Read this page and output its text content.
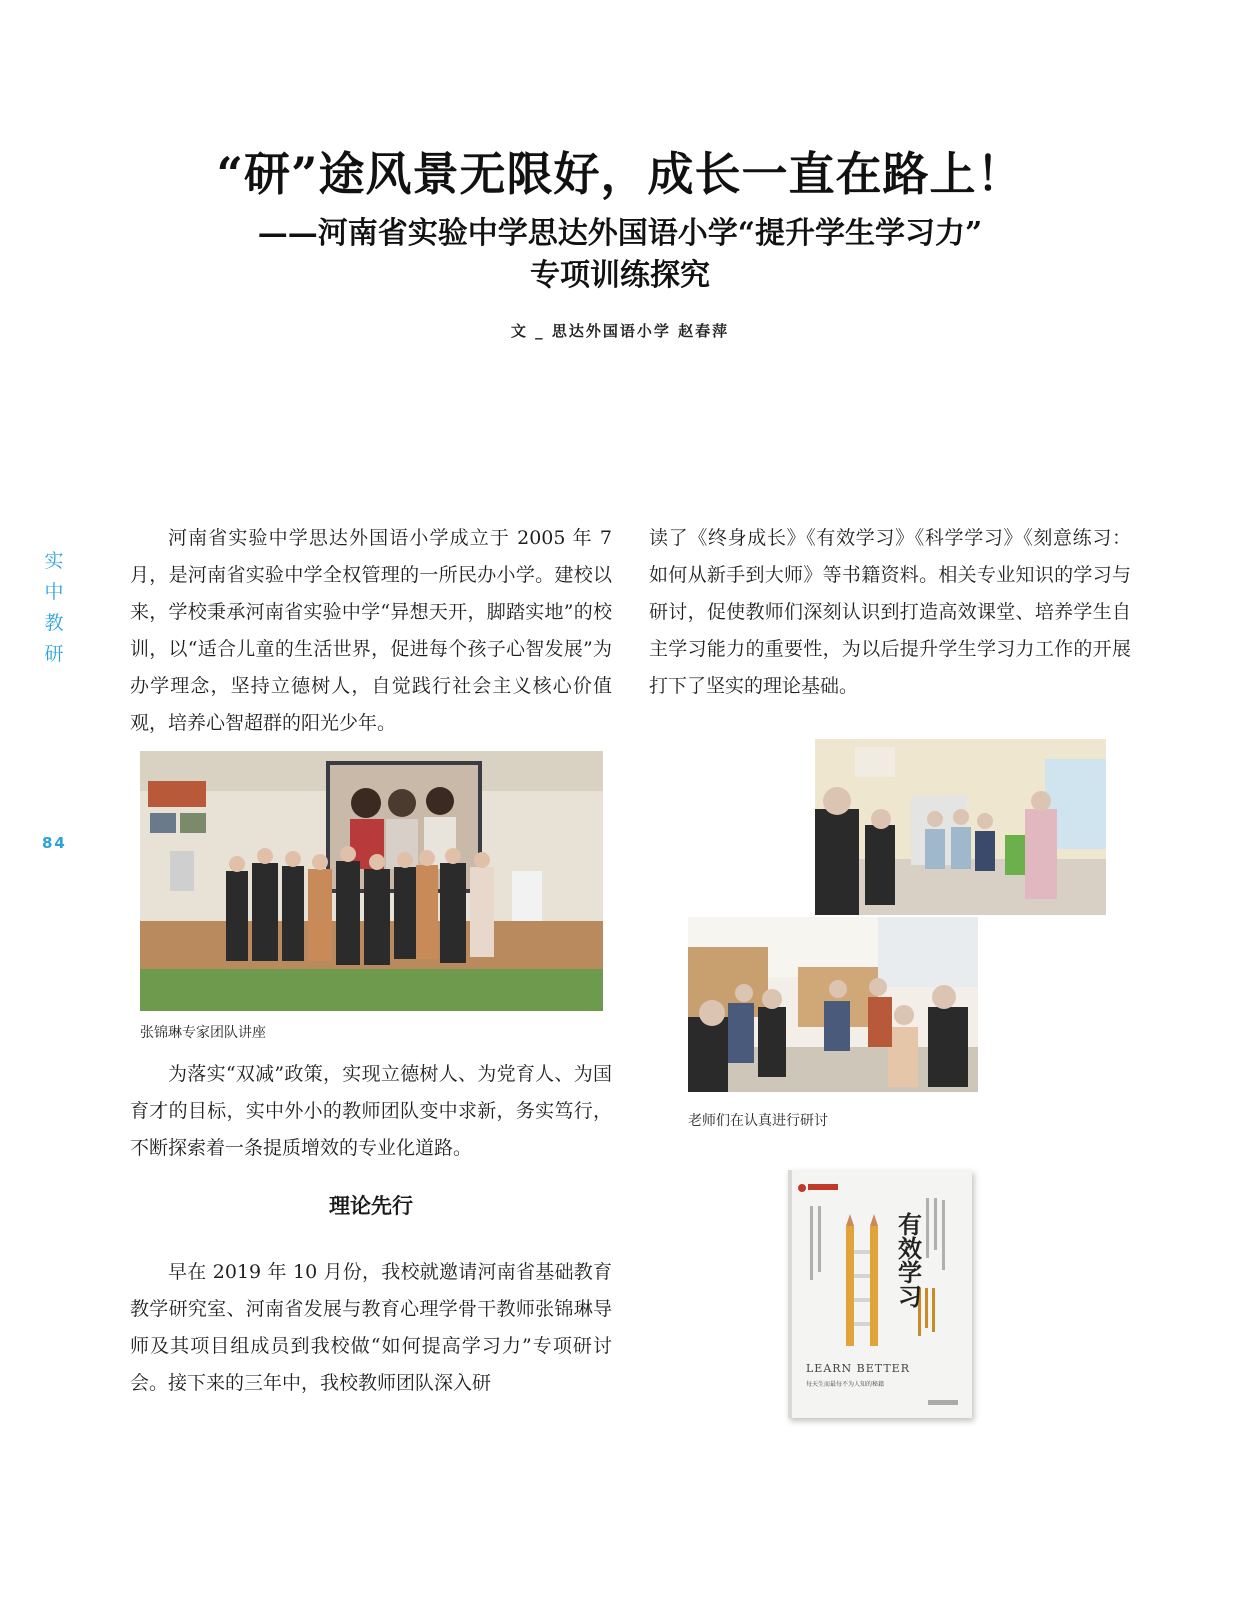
“研”途风景无限好，成长一直在路上！
——河南省实验中学思达外国语小学“提升学生学习力”
专项训练探究
文 _ 思达外国语小学 赵春萍
实
中
教
研
84
河南省实验中学思达外国语小学成立于 2005 年 7 月，是河南省实验中学全权管理的一所民办小学。建校以来，学校秉承河南省实验中学“异想天开，脚踏实地”的校训，以“适合儿童的生活世界，促进每个孩子心智发展”为办学理念，坚持立德树人，自觉践行社会主义核心价值观，培养心智超群的阳光少年。
张锦琳专家团队讲座
为落实“双减”政策，实现立德树人、为党育人、为国育才的目标，实中外小的教师团队变中求新，务实笃行，不断探索着一条提质增效的专业化道路。
理论先行
早在 2019 年 10 月份，我校就邀请河南省基础教育教学研究室、河南省发展与教育心理学骨干教师张锦琳导师及其项目组成员到我校做“如何提高学习力”专项研讨会。接下来的三年中，我校教师团队深入研
读了《终身成长》《有效学习》《科学学习》《刻意练习：如何从新手到大师》等书籍资料。相关专业知识的学习与研讨，促使教师们深刻认识到打造高效课堂、培养学生自主学习能力的重要性，为以后提升学生学习力工作的开展打下了坚实的理论基础。
老师们在认真进行研讨
有效学习
LEARN BETTER
每天生而最每不为人知的秘籍
